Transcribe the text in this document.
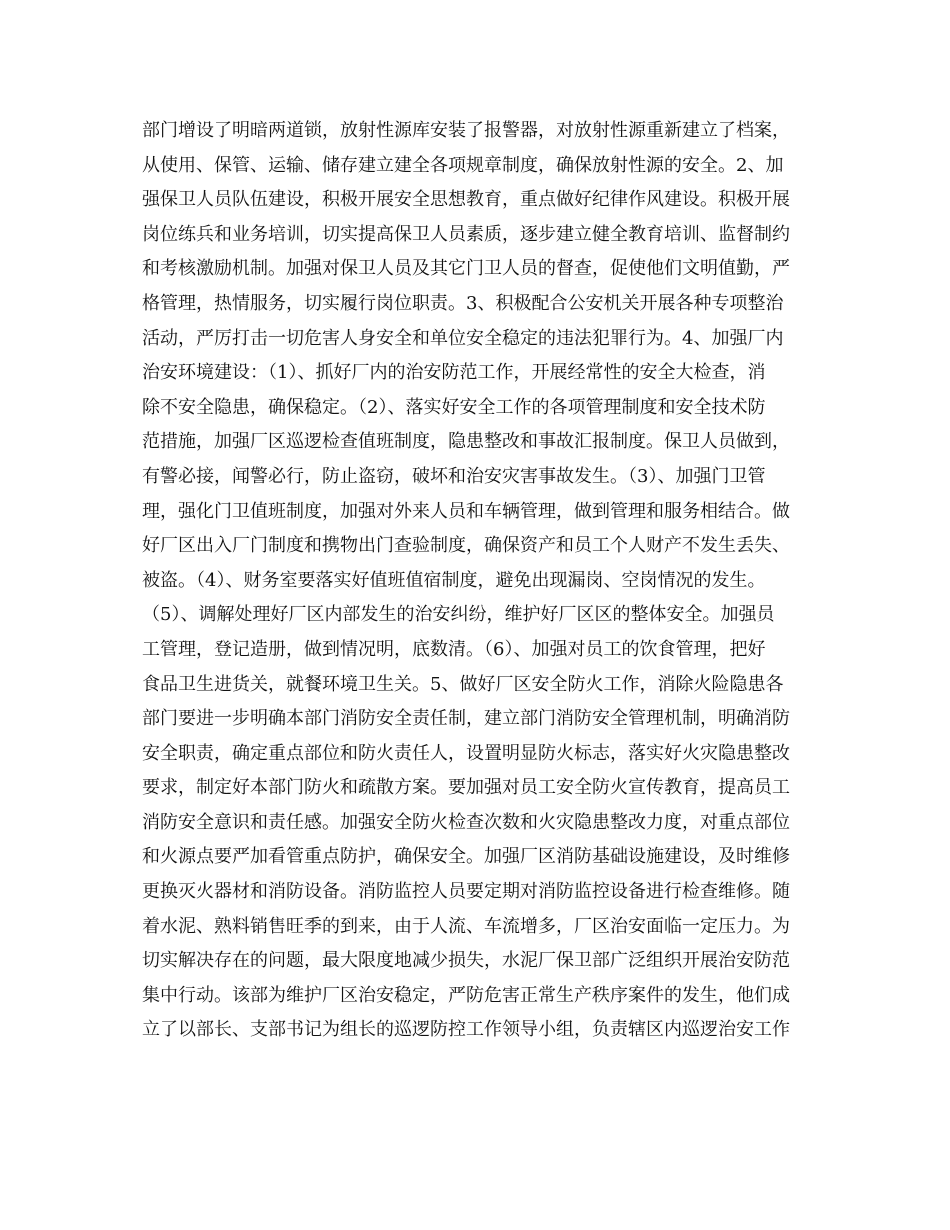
部门增设了明暗两道锁，放射性源库安装了报警器，对放射性源重新建立了档案，
从使用、保管、运输、储存建立建全各项规章制度，确保放射性源的安全。2、加
强保卫人员队伍建设，积极开展安全思想教育，重点做好纪律作风建设。积极开展
岗位练兵和业务培训，切实提高保卫人员素质，逐步建立健全教育培训、监督制约
和考核激励机制。加强对保卫人员及其它门卫人员的督查，促使他们文明值勤，严
格管理，热情服务，切实履行岗位职责。3、积极配合公安机关开展各种专项整治
活动，严厉打击一切危害人身安全和单位安全稳定的违法犯罪行为。4、加强厂内
治安环境建设：（1）、抓好厂内的治安防范工作，开展经常性的安全大检查，消
除不安全隐患，确保稳定。（2）、落实好安全工作的各项管理制度和安全技术防
范措施，加强厂区巡逻检查值班制度，隐患整改和事故汇报制度。保卫人员做到，
有警必接，闻警必行，防止盗窃，破坏和治安灾害事故发生。（3）、加强门卫管
理，强化门卫值班制度，加强对外来人员和车辆管理，做到管理和服务相结合。做
好厂区出入厂门制度和携物出门查验制度，确保资产和员工个人财产不发生丢失、
被盗。（4）、财务室要落实好值班值宿制度，避免出现漏岗、空岗情况的发生。
（5）、调解处理好厂区内部发生的治安纠纷，维护好厂区区的整体安全。加强员
工管理，登记造册，做到情况明，底数清。（6）、加强对员工的饮食管理，把好
食品卫生进货关，就餐环境卫生关。5、做好厂区安全防火工作，消除火险隐患各
部门要进一步明确本部门消防安全责任制，建立部门消防安全管理机制，明确消防
安全职责，确定重点部位和防火责任人，设置明显防火标志，落实好火灾隐患整改
要求，制定好本部门防火和疏散方案。要加强对员工安全防火宣传教育，提高员工
消防安全意识和责任感。加强安全防火检查次数和火灾隐患整改力度，对重点部位
和火源点要严加看管重点防护，确保安全。加强厂区消防基础设施建设，及时维修
更换灭火器材和消防设备。消防监控人员要定期对消防监控设备进行检查维修。随
着水泥、熟料销售旺季的到来，由于人流、车流增多，厂区治安面临一定压力。为
切实解决存在的问题，最大限度地减少损失，水泥厂保卫部广泛组织开展治安防范
集中行动。该部为维护厂区治安稳定，严防危害正常生产秩序案件的发生，他们成
立了以部长、支部书记为组长的巡逻防控工作领导小组，负责辖区内巡逻治安工作
